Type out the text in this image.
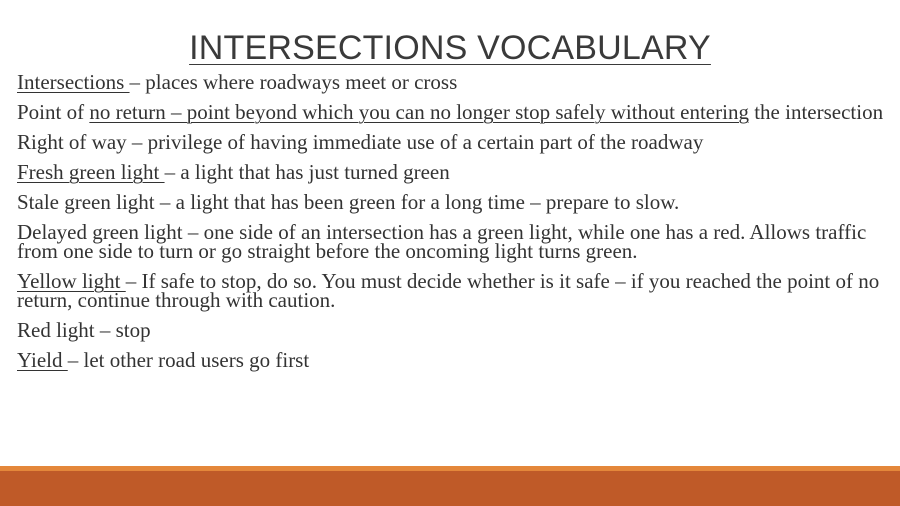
INTERSECTIONS VOCABULARY
Intersections – places where roadways meet or cross
Point of no return – point beyond which you can no longer stop safely without entering the intersection
Right of way – privilege of having immediate use of a certain part of the roadway
Fresh green light – a light that has just turned green
Stale green light – a light that has been green for a long time – prepare to slow.
Delayed green light – one side of an intersection has a green light, while one has a red. Allows traffic from one side to turn or go straight before the oncoming light turns green.
Yellow light – If safe to stop, do so. You must decide whether is it safe – if you reached the point of no return, continue through with caution.
Red light – stop
Yield – let other road users go first
